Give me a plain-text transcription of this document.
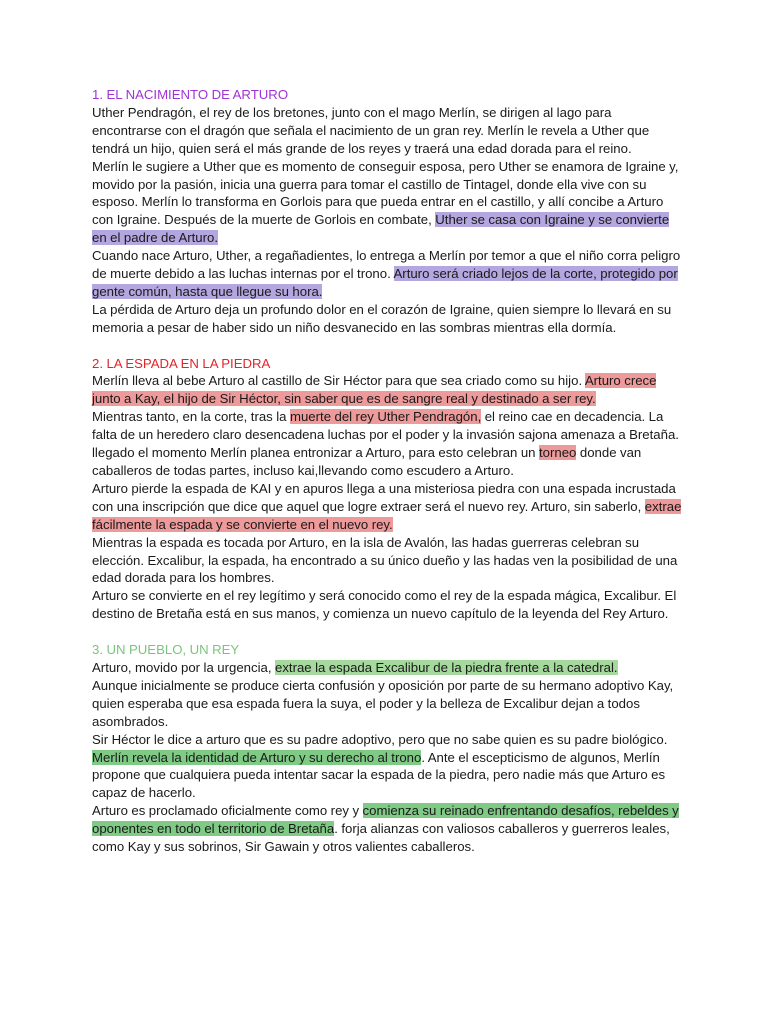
1. EL NACIMIENTO DE ARTURO

Uther Pendragón, el rey de los bretones, junto con el mago Merlín, se dirigen al lago para encontrarse con el dragón que señala el nacimiento de un gran rey. Merlín le revela a Uther que tendrá un hijo, quien será el más grande de los reyes y traerá una edad dorada para el reino.

Merlín le sugiere a Uther que es momento de conseguir esposa, pero Uther se enamora de Igraine y, movido por la pasión, inicia una guerra para tomar el castillo de Tintagel, donde ella vive con su esposo. Merlín lo transforma en Gorlois para que pueda entrar en el castillo, y allí concibe a Arturo con Igraine. Después de la muerte de Gorlois en combate, Uther se casa con Igraine y se convierte en el padre de Arturo.

Cuando nace Arturo, Uther, a regañadientes, lo entrega a Merlín por temor a que el niño corra peligro de muerte debido a las luchas internas por el trono. Arturo será criado lejos de la corte, protegido por gente común, hasta que llegue su hora.

La pérdida de Arturo deja un profundo dolor en el corazón de Igraine, quien siempre lo llevará en su memoria a pesar de haber sido un niño desvanecido en las sombras mientras ella dormía.

2. LA ESPADA EN LA PIEDRA

Merlín lleva al bebe Arturo al castillo de Sir Héctor para que sea criado como su hijo. Arturo crece junto a Kay, el hijo de Sir Héctor, sin saber que es de sangre real y destinado a ser rey.

Mientras tanto, en la corte, tras la muerte del rey Uther Pendragón, el reino cae en decadencia. La falta de un heredero claro desencadena luchas por el poder y la invasión sajona amenaza a Bretaña.

llegado el momento Merlín planea entronizar a Arturo, para esto celebran un torneo donde van caballeros de todas partes, incluso kai,llevando como escudero a Arturo.

Arturo pierde la espada de KAI y en apuros llega a una misteriosa piedra con una espada incrustada con una inscripción que dice que aquel que logre extraer será el nuevo rey. Arturo, sin saberlo, extrae fácilmente la espada y se convierte en el nuevo rey.

Mientras la espada es tocada por Arturo, en la isla de Avalón, las hadas guerreras celebran su elección. Excalibur, la espada, ha encontrado a su único dueño y las hadas ven la posibilidad de una edad dorada para los hombres.

Arturo se convierte en el rey legítimo y será conocido como el rey de la espada mágica, Excalibur. El destino de Bretaña está en sus manos, y comienza un nuevo capítulo de la leyenda del Rey Arturo.

3. UN PUEBLO, UN REY

Arturo, movido por la urgencia, extrae la espada Excalibur de la piedra frente a la catedral.

Aunque inicialmente se produce cierta confusión y oposición por parte de su hermano adoptivo Kay, quien esperaba que esa espada fuera la suya, el poder y la belleza de Excalibur dejan a todos asombrados.

Sir Héctor le dice a arturo que es su padre adoptivo, pero que no sabe quien es su padre biológico. Merlín revela la identidad de Arturo y su derecho al trono. Ante el escepticismo de algunos, Merlín propone que cualquiera pueda intentar sacar la espada de la piedra, pero nadie más que Arturo es capaz de hacerlo.

Arturo es proclamado oficialmente como rey y comienza su reinado enfrentando desafíos, rebeldes y oponentes en todo el territorio de Bretaña. forja alianzas con valiosos caballeros y guerreros leales, como Kay y sus sobrinos, Sir Gawain y otros valientes caballeros.
